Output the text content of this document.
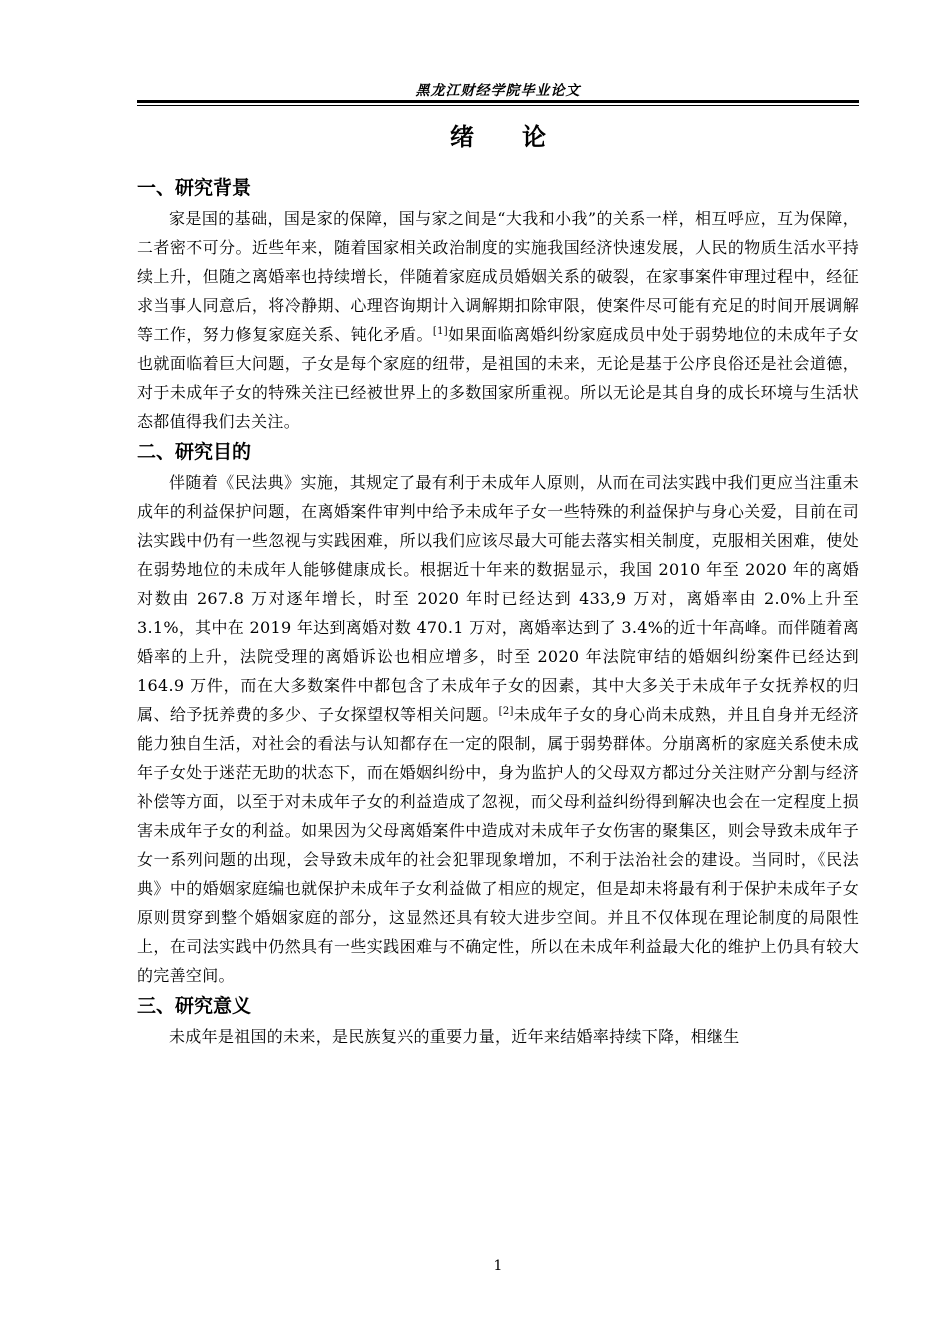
黑龙江财经学院毕业论文
绪 论
一、研究背景

家是国的基础，国是家的保障，国与家之间是“大我和小我”的关系一样，相互呼应，互为保障，二者密不可分。近些年来，随着国家相关政治制度的实施我国经济快速发展，人民的物质生活水平持续上升，但随之离婚率也持续增长，伴随着家庭成员婚姻关系的破裂，在家事案件审理过程中，经征求当事人同意后，将冷静期、心理咨询期计入调解期扣除审限，使案件尽可能有充足的时间开展调解等工作，努力修复家庭关系、钝化矛盾。[1]如果面临离婚纠纷家庭成员中处于弱势地位的未成年子女也就面临着巨大问题，子女是每个家庭的纽带，是祖国的未来，无论是基于公序良俗还是社会道德，对于未成年子女的特殊关注已经被世界上的多数国家所重视。所以无论是其自身的成长环境与生活状态都值得我们去关注。

二、研究目的

伴随着《民法典》实施，其规定了最有利于未成年人原则，从而在司法实践中我们更应当注重未成年的利益保护问题，在离婚案件审判中给予未成年子女一些特殊的利益保护与身心关爱，目前在司法实践中仍有一些忽视与实践困难，所以我们应该尽最大可能去落实相关制度，克服相关困难，使处在弱势地位的未成年人能够健康成长。根据近十年来的数据显示，我国 2010 年至 2020 年的离婚对数由 267.8 万对逐年增长，时至 2020 年时已经达到 433,9 万对，离婚率由 2.0%上升至 3.1%，其中在 2019 年达到离婚对数 470.1 万对，离婚率达到了 3.4%的近十年高峰。而伴随着离婚率的上升，法院受理的离婚诉讼也相应增多，时至 2020 年法院审结的婚姻纠纷案件已经达到 164.9 万件，而在大多数案件中都包含了未成年子女的因素，其中大多关于未成年子女抚养权的归属、给予抚养费的多少、子女探望权等相关问题。[2]未成年子女的身心尚未成熟，并且自身并无经济能力独自生活，对社会的看法与认知都存在一定的限制，属于弱势群体。分崩离析的家庭关系使未成年子女处于迷茫无助的状态下，而在婚姻纠纷中，身为监护人的父母双方都过分关注财产分割与经济补偿等方面，以至于对未成年子女的利益造成了忽视，而父母利益纠纷得到解决也会在一定程度上损害未成年子女的利益。如果因为父母离婚案件中造成对未成年子女伤害的聚集区，则会导致未成年子女一系列问题的出现，会导致未成年的社会犯罪现象增加，不利于法治社会的建设。当同时，《民法典》中的婚姻家庭编也就保护未成年子女利益做了相应的规定，但是却未将最有利于保护未成年子女原则贯穿到整个婚姻家庭的部分，这显然还具有较大进步空间。并且不仅体现在理论制度的局限性上，在司法实践中仍然具有一些实践困难与不确定性，所以在未成年利益最大化的维护上仍具有较大的完善空间。

三、研究意义

未成年是祖国的未来，是民族复兴的重要力量，近年来结婚率持续下降，相继生

1
